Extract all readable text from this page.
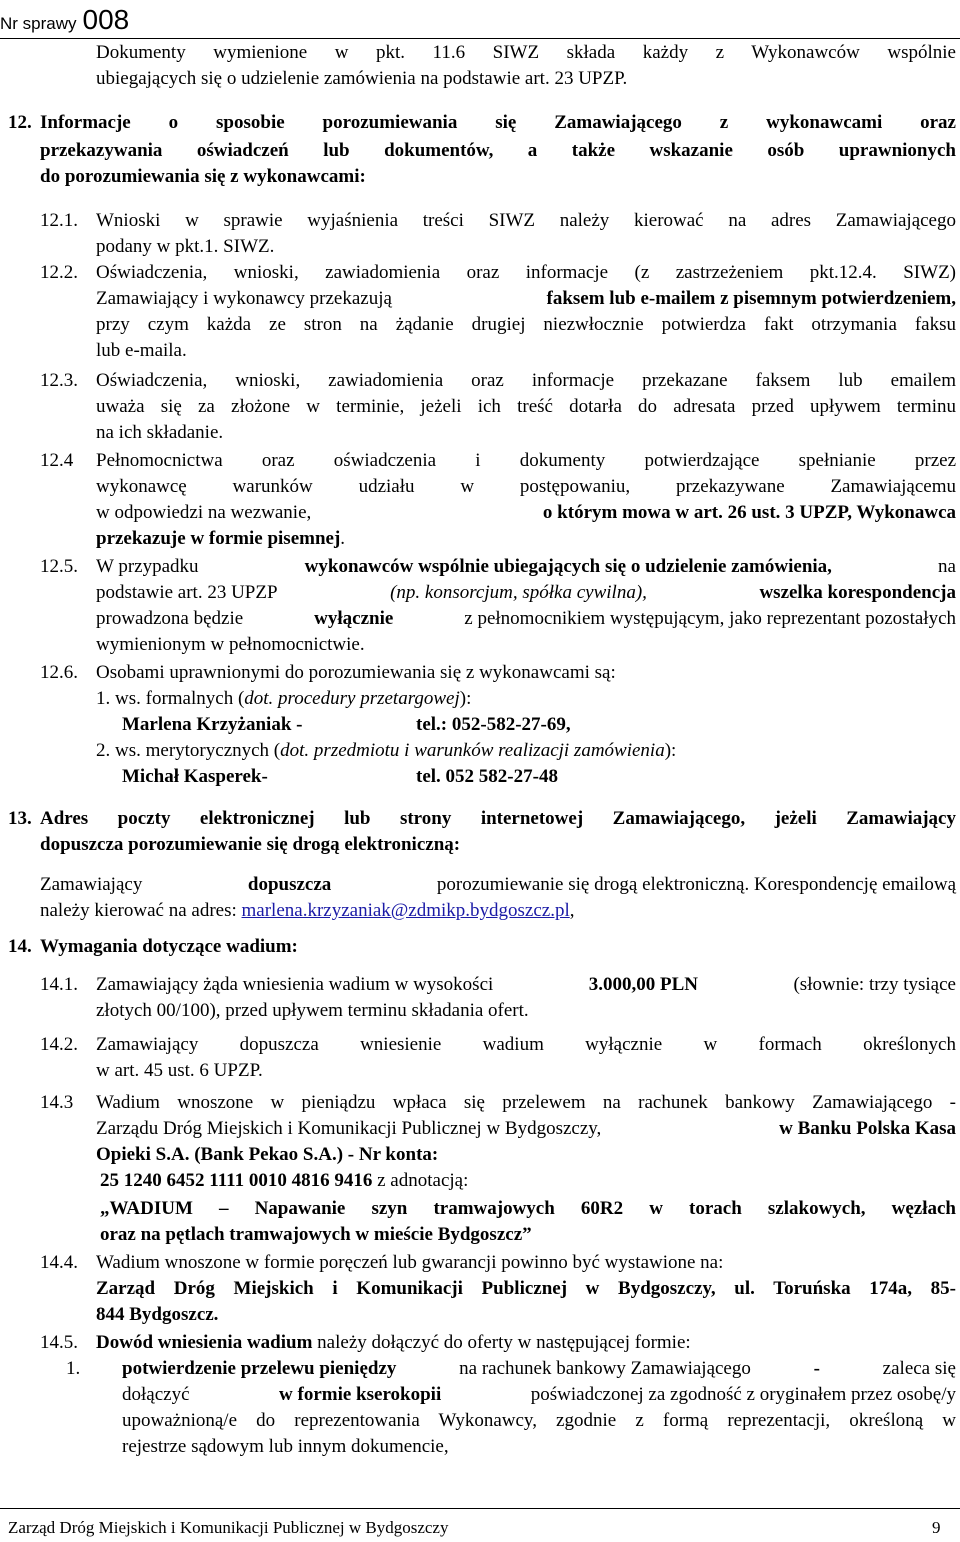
Nr sprawy 008
Dokumenty wymienione w pkt. 11.6 SIWZ składa każdy z Wykonawców wspólnie
ubiegających się o udzielenie zamówienia na podstawie art. 23 UPZP.
12. Informacje o sposobie porozumiewania się Zamawiającego z wykonawcami oraz
przekazywania oświadczeń lub dokumentów, a także wskazanie osób uprawnionych
do porozumiewania się z wykonawcami:
12.1. Wnioski w sprawie wyjaśnienia treści SIWZ należy kierować na adres Zamawiającego
podany w pkt.1. SIWZ.
12.2. Oświadczenia, wnioski, zawiadomienia oraz informacje (z zastrzeżeniem pkt.12.4. SIWZ)
Zamawiający i wykonawcy przekazują	faksem lub e-mailem z pisemnym potwierdzeniem,
przy czym każda ze stron na żądanie drugiej niezwłocznie potwierdza fakt otrzymania faksu
lub e-maila.
12.3. Oświadczenia, wnioski, zawiadomienia oraz informacje przekazane faksem lub emailem
uważa się za złożone w terminie, jeżeli ich treść dotarła do adresata przed upływem terminu
na ich składanie.
12.4 Pełnomocnictwa oraz oświadczenia i dokumenty potwierdzające spełnianie przez
wykonawcę warunków udziału w postępowaniu, przekazywane Zamawiającemu
w odpowiedzi na wezwanie,	o którym mowa w art. 26 ust. 3 UPZP, Wykonawca
przekazuje w formie pisemnej.
12.5. W przypadku	wykonawców wspólnie ubiegających się o udzielenie zamówienia,	na
podstawie art. 23 UPZP	(np. konsorcjum, spółka cywilna),	wszelka korespondencja
prowadzona będzie	wyłącznie	z pełnomocnikiem występującym, jako reprezentant pozostałych
wymienionym w pełnomocnictwie.
12.6. Osobami uprawnionymi do porozumiewania się z wykonawcami są:
1. ws. formalnych (dot. procedury przetargowej):
Marlena Krzyżaniak -	tel.: 052-582-27-69,
2. ws. merytorycznych (dot. przedmiotu i warunków realizacji zamówienia):
Michał Kasperek-	tel. 052 582-27-48
13. Adres poczty elektronicznej lub strony internetowej Zamawiającego, jeżeli Zamawiający
dopuszcza porozumiewanie się drogą elektroniczną:
Zamawiający	dopuszcza	porozumiewanie się drogą elektroniczną. Korespondencję emailową
należy kierować na adres: marlena.krzyzaniak@zdmikp.bydgoszcz.pl,
14. Wymagania dotyczące wadium:
14.1. Zamawiający żąda wniesienia wadium w wysokości	3.000,00 PLN	(słownie: trzy tysiące
złotych 00/100), przed upływem terminu składania ofert.
14.2. Zamawiający dopuszcza wniesienie wadium wyłącznie w formach określonych
w art. 45 ust. 6 UPZP.
14.3 Wadium wnoszone w pieniądzu wpłaca się przelewem na rachunek bankowy Zamawiającego -
Zarządu Dróg Miejskich i Komunikacji Publicznej w Bydgoszczy,	w Banku Polska Kasa
Opieki S.A. (Bank Pekao S.A.) - Nr konta:
25 1240 6452 1111 0010 4816 9416 z adnotacją:
„WADIUM – Napawanie szyn tramwajowych 60R2 w torach szlakowych, węzłach
oraz na pętlach tramwajowych w mieście Bydgoszcz”
14.4. Wadium wnoszone w formie poręczeń lub gwarancji powinno być wystawione na:
Zarząd Dróg Miejskich i Komunikacji Publicznej w Bydgoszczy, ul. Toruńska 174a, 85-
844 Bydgoszcz.
14.5. Dowód wniesienia wadium należy dołączyć do oferty w następującej formie:
1. potwierdzenie przelewu pieniędzy	na rachunek bankowy Zamawiającego	-	zaleca się
dołączyć	w formie kserokopii	poświadczonej za zgodność z oryginałem przez osobę/y
upoważnioną/e do reprezentowania Wykonawcy, zgodnie z formą reprezentacji, określoną w
rejestrze sądowym lub innym dokumencie,
Zarząd Dróg Miejskich i Komunikacji Publicznej w Bydgoszczy	9
